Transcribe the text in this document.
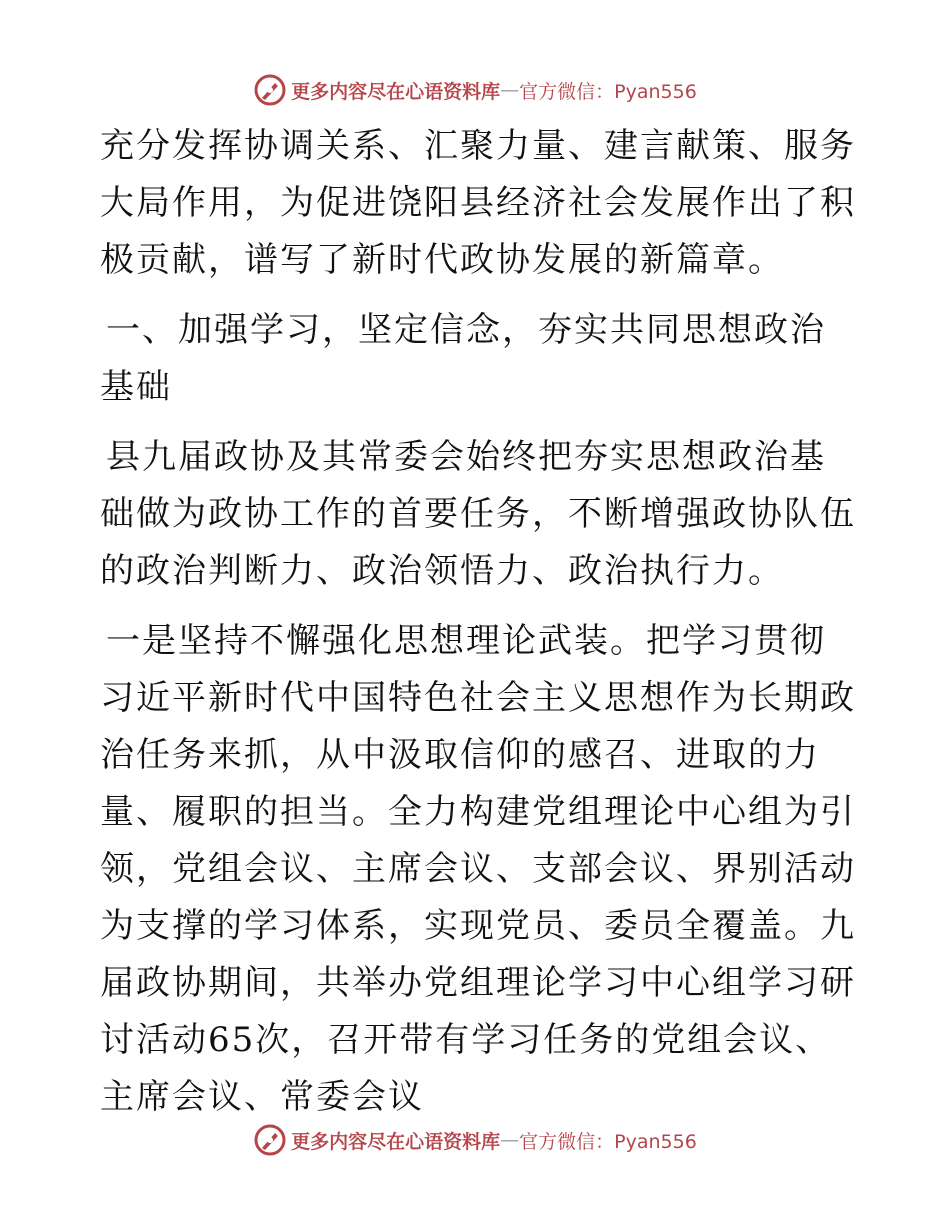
更多内容尽在心语资料库 — 官方微信：Pyan556

充分发挥协调关系、汇聚力量、建言献策、服务大局作用，为促进饶阳县经济社会发展作出了积极贡献，谱写了新时代政协发展的新篇章。

一、加强学习，坚定信念，夯实共同思想政治基础

县九届政协及其常委会始终把夯实思想政治基础做为政协工作的首要任务，不断增强政协队伍的政治判断力、政治领悟力、政治执行力。

一是坚持不懈强化思想理论武装。把学习贯彻习近平新时代中国特色社会主义思想作为长期政治任务来抓，从中汲取信仰的感召、进取的力量、履职的担当。全力构建党组理论中心组为引领，党组会议、主席会议、支部会议、界别活动为支撑的学习体系，实现党员、委员全覆盖。九届政协期间，共举办党组理论学习中心组学习研讨活动65次，召开带有学习任务的党组会议、主席会议、常委会议

更多内容尽在心语资料库 — 官方微信：Pyan556
